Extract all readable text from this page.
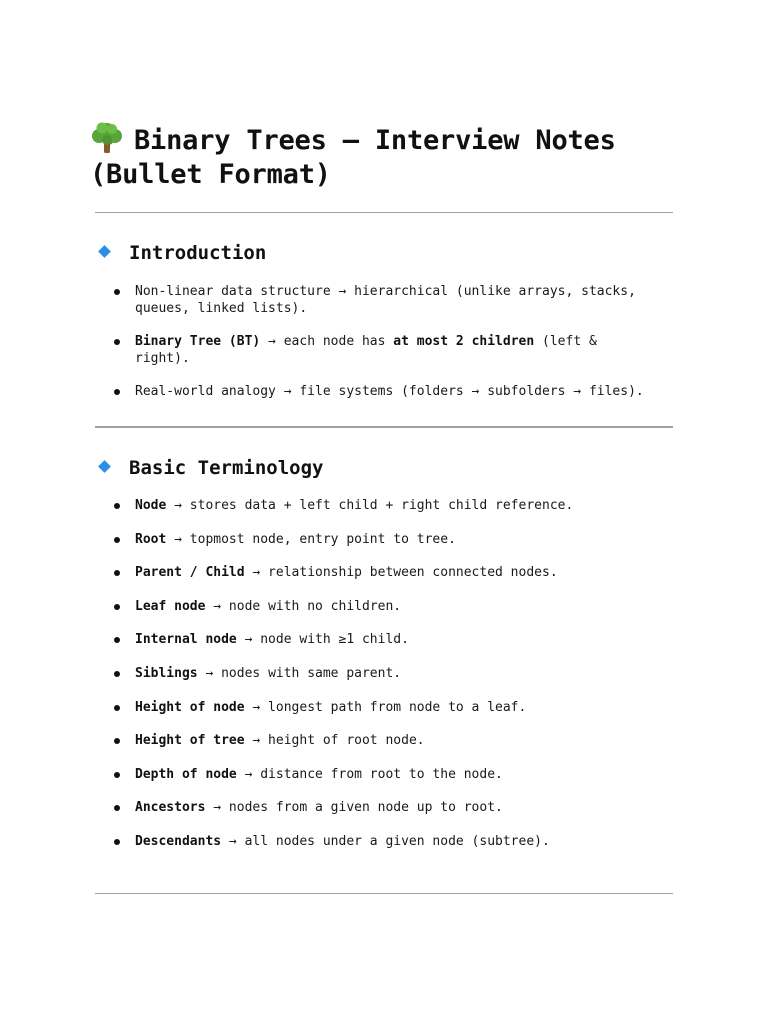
Binary Trees – Interview Notes (Bullet Format)
Introduction
Non-linear data structure → hierarchical (unlike arrays, stacks, queues, linked lists).
Binary Tree (BT) → each node has at most 2 children (left & right).
Real-world analogy → file systems (folders → subfolders → files).
Basic Terminology
Node → stores data + left child + right child reference.
Root → topmost node, entry point to tree.
Parent / Child → relationship between connected nodes.
Leaf node → node with no children.
Internal node → node with ≥1 child.
Siblings → nodes with same parent.
Height of node → longest path from node to a leaf.
Height of tree → height of root node.
Depth of node → distance from root to the node.
Ancestors → nodes from a given node up to root.
Descendants → all nodes under a given node (subtree).
